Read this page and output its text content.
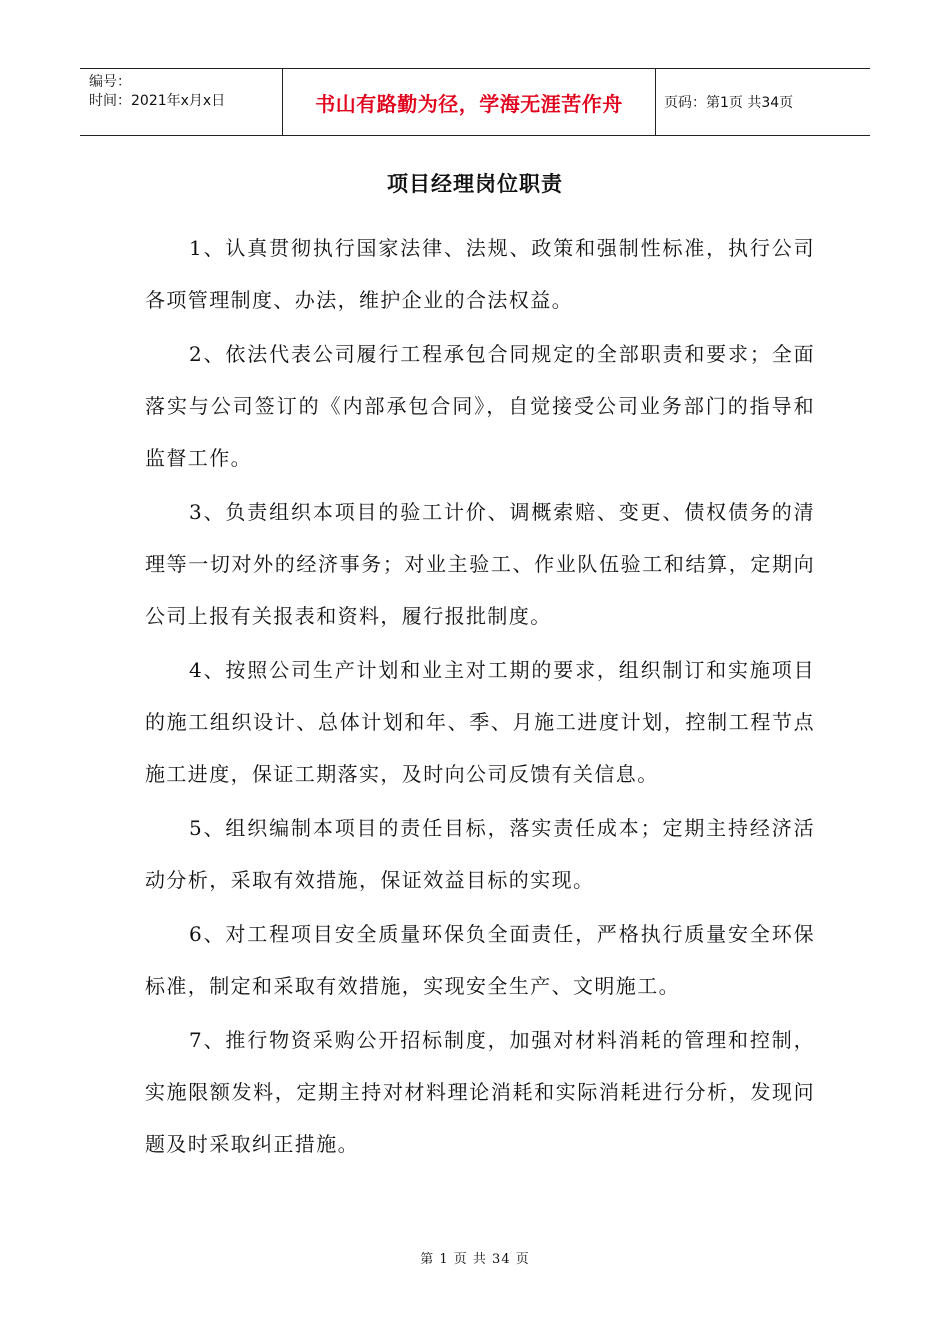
编号：
时间：2021年x月x日	书山有路勤为径，学海无涯苦作舟	页码：第1页 共34页
项目经理岗位职责

1、认真贯彻执行国家法律、法规、政策和强制性标准，执行公司各项管理制度、办法，维护企业的合法权益。

2、依法代表公司履行工程承包合同规定的全部职责和要求；全面落实与公司签订的《内部承包合同》，自觉接受公司业务部门的指导和监督工作。

3、负责组织本项目的验工计价、调概索赔、变更、债权债务的清理等一切对外的经济事务；对业主验工、作业队伍验工和结算，定期向公司上报有关报表和资料，履行报批制度。

4、按照公司生产计划和业主对工期的要求，组织制订和实施项目的施工组织设计、总体计划和年、季、月施工进度计划，控制工程节点施工进度，保证工期落实，及时向公司反馈有关信息。

5、组织编制本项目的责任目标，落实责任成本；定期主持经济活动分析，采取有效措施，保证效益目标的实现。

6、对工程项目安全质量环保负全面责任，严格执行质量安全环保标准，制定和采取有效措施，实现安全生产、文明施工。

7、推行物资采购公开招标制度，加强对材料消耗的管理和控制，实施限额发料，定期主持对材料理论消耗和实际消耗进行分析，发现问题及时采取纠正措施。

第 1 页 共 34 页
